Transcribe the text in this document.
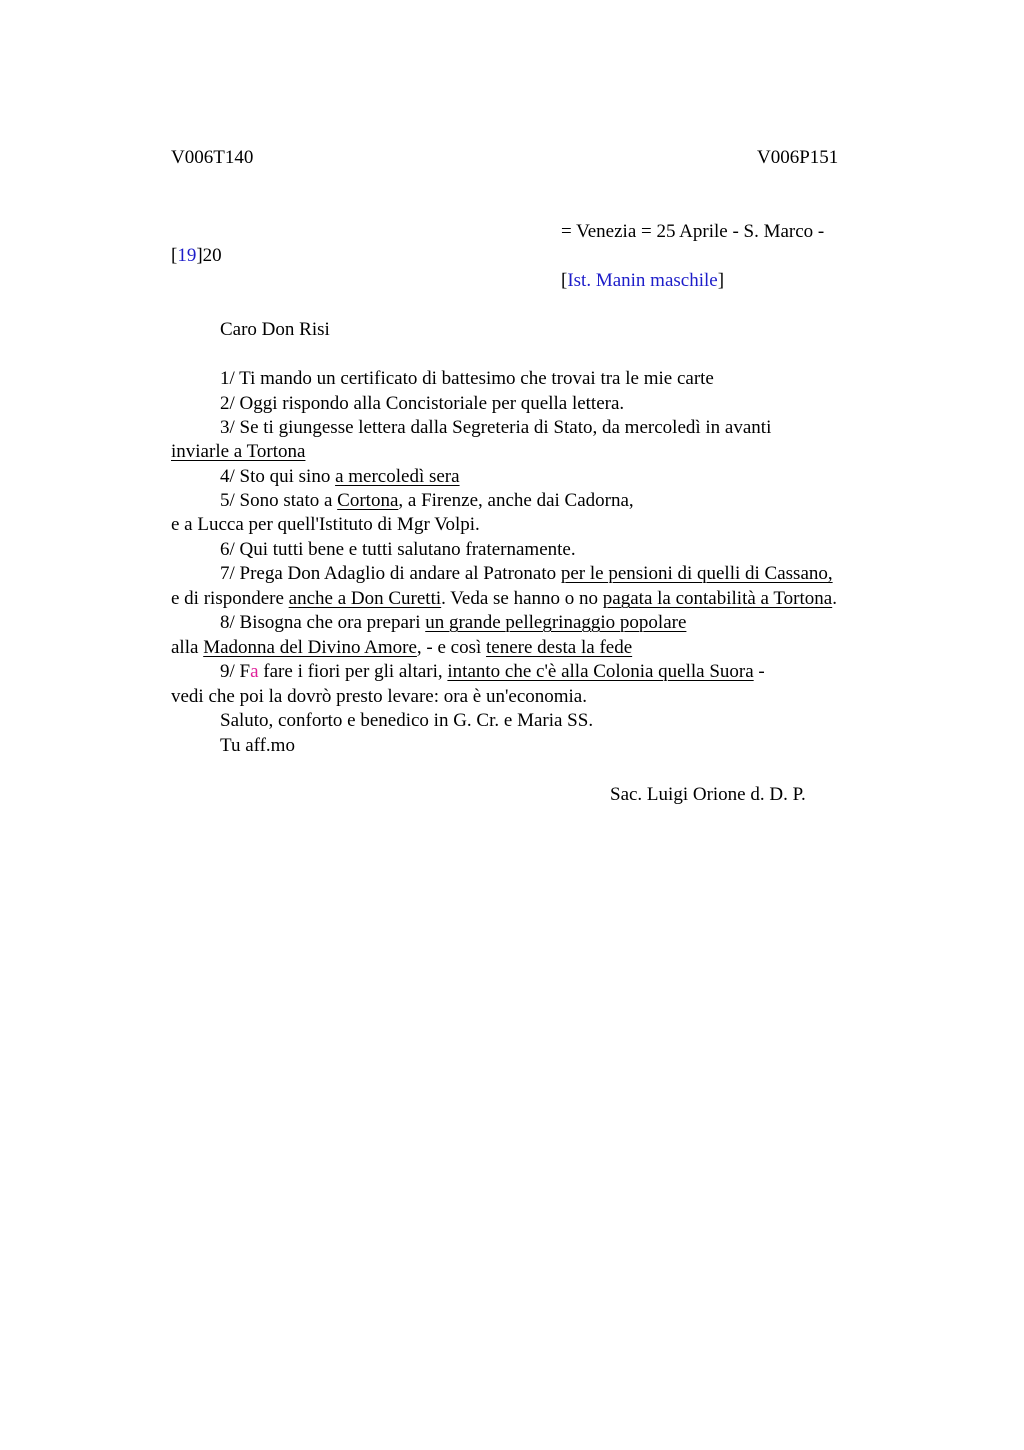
V006T140	V006P151
= Venezia = 25 Aprile - S. Marco -
[19]20
[Ist. Manin maschile]
Caro Don Risi
1/ Ti mando un certificato di battesimo che trovai tra le mie carte
2/ Oggi rispondo alla Concistoriale per quella lettera.
3/ Se ti giungesse lettera dalla Segreteria di Stato, da mercoledì in avanti
inviarle a Tortona
4/ Sto qui sino a mercoledì sera
5/ Sono stato a Cortona, a Firenze, anche dai Cadorna,
e a Lucca per quell'Istituto di Mgr Volpi.
6/ Qui tutti bene e tutti salutano fraternamente.
7/ Prega Don Adaglio di andare al Patronato per le pensioni di quelli di Cassano,
e di rispondere anche a Don Curetti. Veda se hanno o no pagata la contabilità a Tortona.
8/ Bisogna che ora prepari un grande pellegrinaggio popolare
alla Madonna del Divino Amore, - e così tenere desta la fede
9/ Fa fare i fiori per gli altari, intanto che c'è alla Colonia quella Suora -
vedi che poi la dovrò presto levare: ora è un'economia.
Saluto, conforto e benedico in G. Cr. e Maria SS.
Tu aff.mo
Sac. Luigi Orione d. D. P.
